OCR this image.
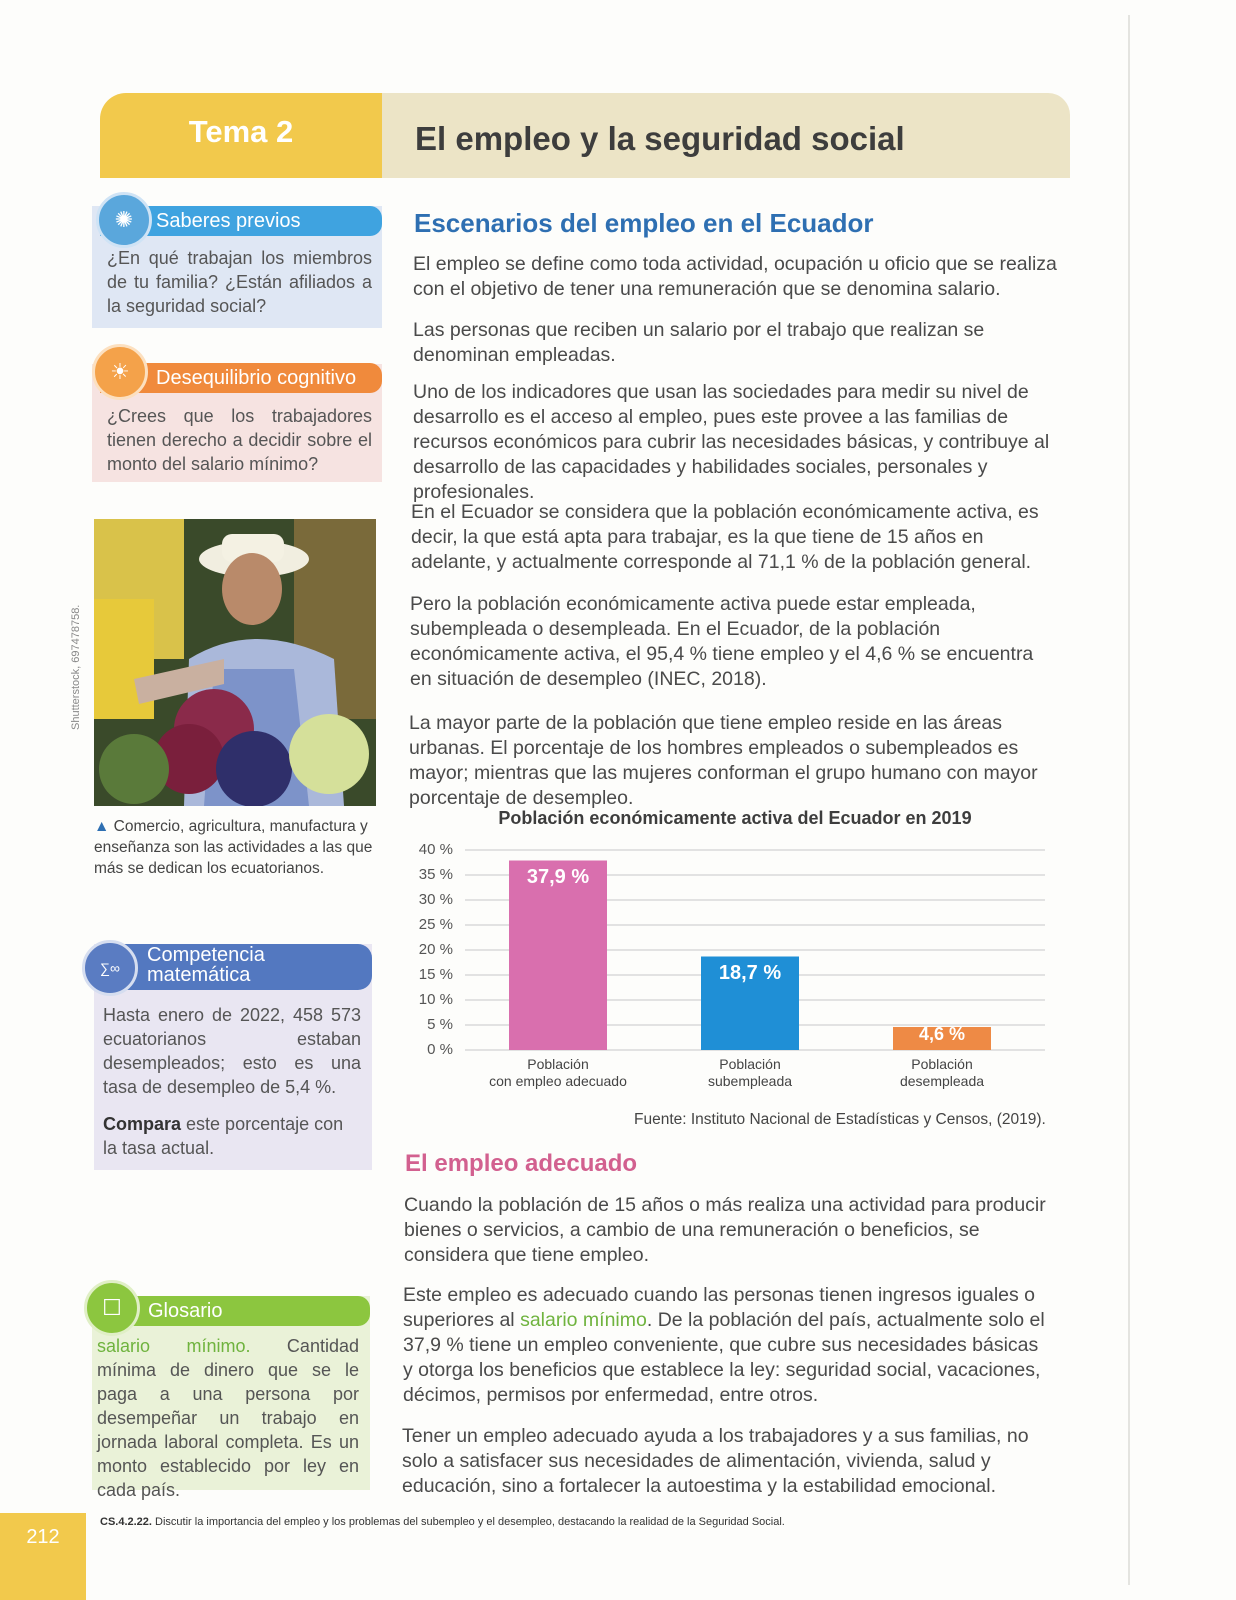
Tema 2	El empleo y la seguridad social
Saberes previos
✺
¿En qué trabajan los miembros de tu familia? ¿Están afiliados a la seguridad social?
Desequilibrio cognitivo
☀
¿Crees que los trabajadores tienen derecho a decidir sobre el monto del salario mínimo?
Shutterstock, 697478758.
▲ Comercio, agricultura, manufactura y enseñanza son las actividades a las que más se dedican los ecuatorianos.
Competencia
matemática
∑∞
Hasta enero de 2022, 458 573 ecuatorianos estaban desempleados; esto es una tasa de desempleo de 5,4 %.
Compara este porcentaje con la tasa actual.
Glosario
☐
salario mínimo. Cantidad mínima de dinero que se le paga a una persona por desempeñar un trabajo en jornada laboral completa. Es un monto establecido por ley en cada país.
Escenarios del empleo en el Ecuador
El empleo se define como toda actividad, ocupación u oficio que se realiza con el objetivo de tener una remuneración que se denomina salario.
Las personas que reciben un salario por el trabajo que realizan se denominan empleadas.
Uno de los indicadores que usan las sociedades para medir su nivel de desarrollo es el acceso al empleo, pues este provee a las familias de recursos económicos para cubrir las necesidades básicas, y contribuye al desarrollo de las capacidades y habilidades sociales, personales y profesionales.
En el Ecuador se considera que la población económicamente activa, es decir, la que está apta para trabajar, es la que tiene de 15 años en adelante, y actualmente corresponde al 71,1 % de la población general.
Pero la población económicamente activa puede estar empleada, subempleada o desempleada. En el Ecuador, de la población económicamente activa, el 95,4 % tiene empleo y el 4,6 % se encuentra en situación de desempleo (INEC, 2018).
La mayor parte de la población que tiene empleo reside en las áreas urbanas. El porcentaje de los hombres empleados o subempleados es mayor; mientras que las mujeres conforman el grupo humano con mayor porcentaje de desempleo.
Población económicamente activa del Ecuador en 2019
0 %
5 %
10 %
15 %
20 %
25 %
30 %
35 %
40 %
Población
con empleo adecuado
Población
subempleada
Población
desempleada
37,9 %
18,7 %
4,6 %
Fuente: Instituto Nacional de Estadísticas y Censos, (2019).
El empleo adecuado
Cuando la población de 15 años o más realiza una actividad para producir bienes o servicios, a cambio de una remuneración o beneficios, se considera que tiene empleo.
Este empleo es adecuado cuando las personas tienen ingresos iguales o superiores al salario mínimo. De la población del país, actualmente solo el 37,9 % tiene un empleo conveniente, que cubre sus necesidades básicas y otorga los beneficios que establece la ley: seguridad social, vacaciones, décimos, permisos por enfermedad, entre otros.
Tener un empleo adecuado ayuda a los trabajadores y a sus familias, no solo a satisfacer sus necesidades de alimentación, vivienda, salud y educación, sino a fortalecer la autoestima y la estabilidad emocional.
CS.4.2.22. Discutir la importancia del empleo y los problemas del subempleo y el desempleo, destacando la realidad de la Seguridad Social.
212
